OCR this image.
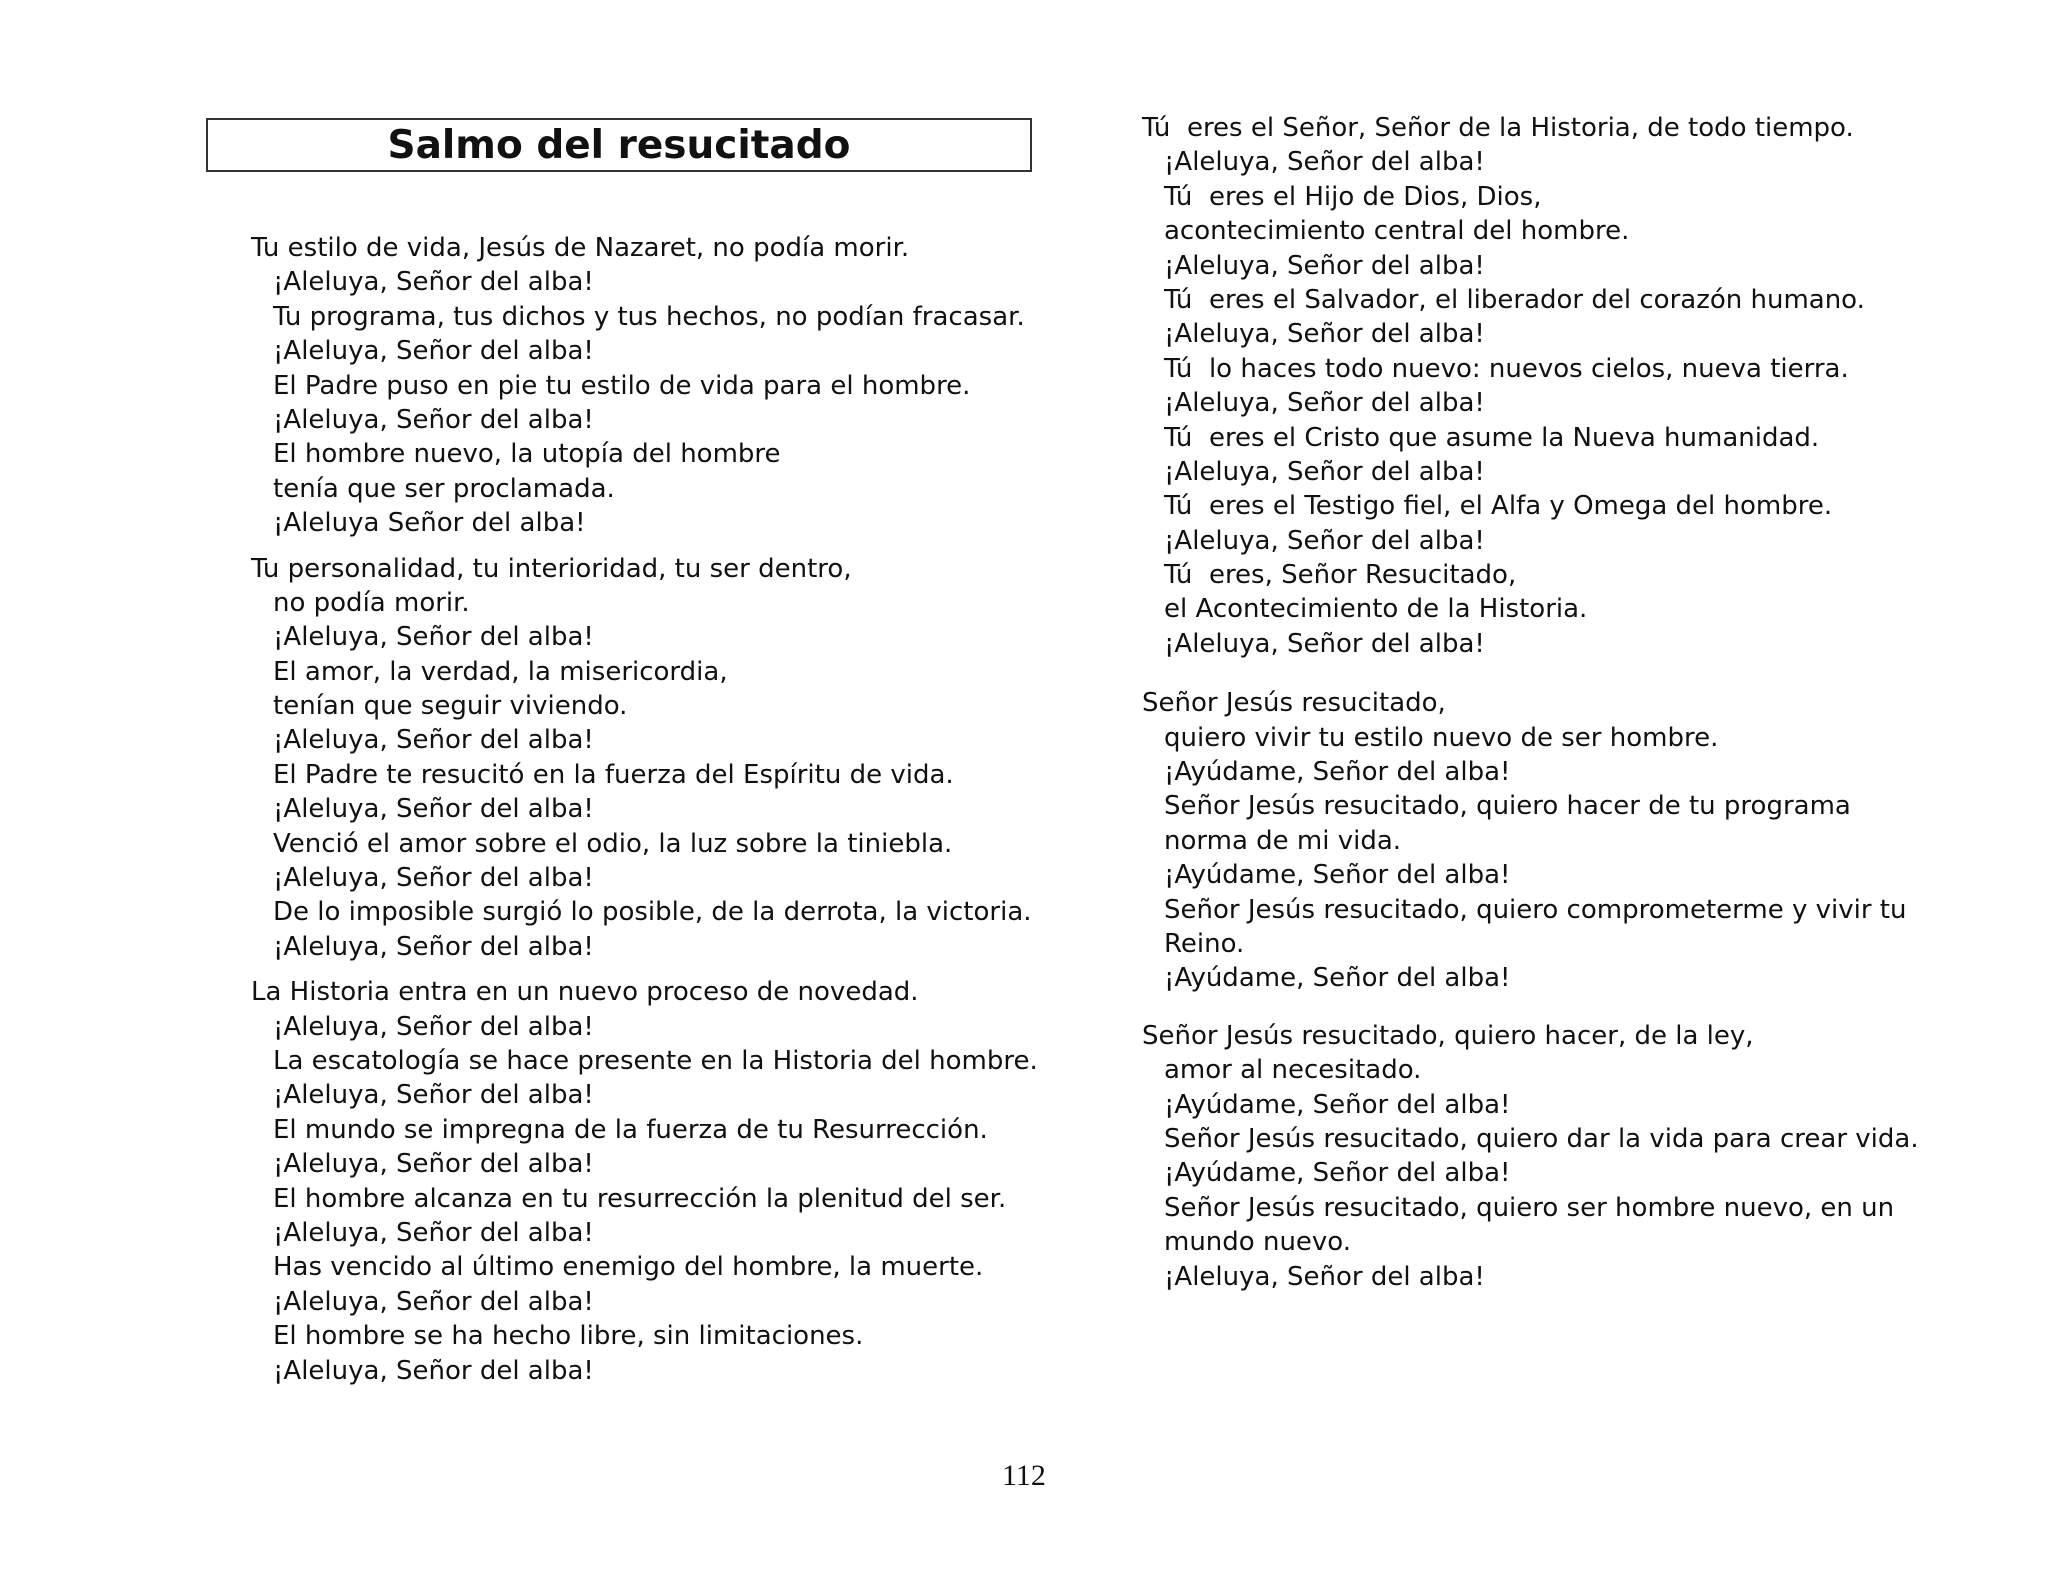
Salmo del resucitado
Tu estilo de vida, Jesús de Nazaret, no podía morir.
¡Aleluya, Señor del alba!
Tu programa, tus dichos y tus hechos, no podían fracasar.
¡Aleluya, Señor del alba!
El Padre puso en pie tu estilo de vida para el hombre.
¡Aleluya, Señor del alba!
El hombre nuevo, la utopía del hombre
tenía que ser proclamada.
¡Aleluya Señor del alba!
Tu personalidad, tu interioridad, tu ser dentro,
no podía morir.
¡Aleluya, Señor del alba!
El amor, la verdad, la misericordia,
tenían que seguir viviendo.
¡Aleluya, Señor del alba!
El Padre te resucitó en la fuerza del Espíritu de vida.
¡Aleluya, Señor del alba!
Venció el amor sobre el odio, la luz sobre la tiniebla.
¡Aleluya, Señor del alba!
De lo imposible surgió lo posible, de la derrota, la victoria.
¡Aleluya, Señor del alba!
La Historia entra en un nuevo proceso de novedad.
¡Aleluya, Señor del alba!
La escatología se hace presente en la Historia del hombre.
¡Aleluya, Señor del alba!
El mundo se impregna de la fuerza de tu Resurrección.
¡Aleluya, Señor del alba!
El hombre alcanza en tu resurrección la plenitud del ser.
¡Aleluya, Señor del alba!
Has vencido al último enemigo del hombre, la muerte.
¡Aleluya, Señor del alba!
El hombre se ha hecho libre, sin limitaciones.
¡Aleluya, Señor del alba!
Tú  eres el Señor, Señor de la Historia, de todo tiempo.
¡Aleluya, Señor del alba!
Tú  eres el Hijo de Dios, Dios,
acontecimiento central del hombre.
¡Aleluya, Señor del alba!
Tú  eres el Salvador, el liberador del corazón humano.
¡Aleluya, Señor del alba!
Tú  lo haces todo nuevo: nuevos cielos, nueva tierra.
¡Aleluya, Señor del alba!
Tú  eres el Cristo que asume la Nueva humanidad.
¡Aleluya, Señor del alba!
Tú  eres el Testigo fiel, el Alfa y Omega del hombre.
¡Aleluya, Señor del alba!
Tú  eres, Señor Resucitado,
el Acontecimiento de la Historia.
¡Aleluya, Señor del alba!
Señor Jesús resucitado,
quiero vivir tu estilo nuevo de ser hombre.
¡Ayúdame, Señor del alba!
Señor Jesús resucitado, quiero hacer de tu programa
norma de mi vida.
¡Ayúdame, Señor del alba!
Señor Jesús resucitado, quiero comprometerme y vivir tu
Reino.
¡Ayúdame, Señor del alba!
Señor Jesús resucitado, quiero hacer, de la ley,
amor al necesitado.
¡Ayúdame, Señor del alba!
Señor Jesús resucitado, quiero dar la vida para crear vida.
¡Ayúdame, Señor del alba!
Señor Jesús resucitado, quiero ser hombre nuevo, en un
mundo nuevo.
¡Aleluya, Señor del alba!
112
